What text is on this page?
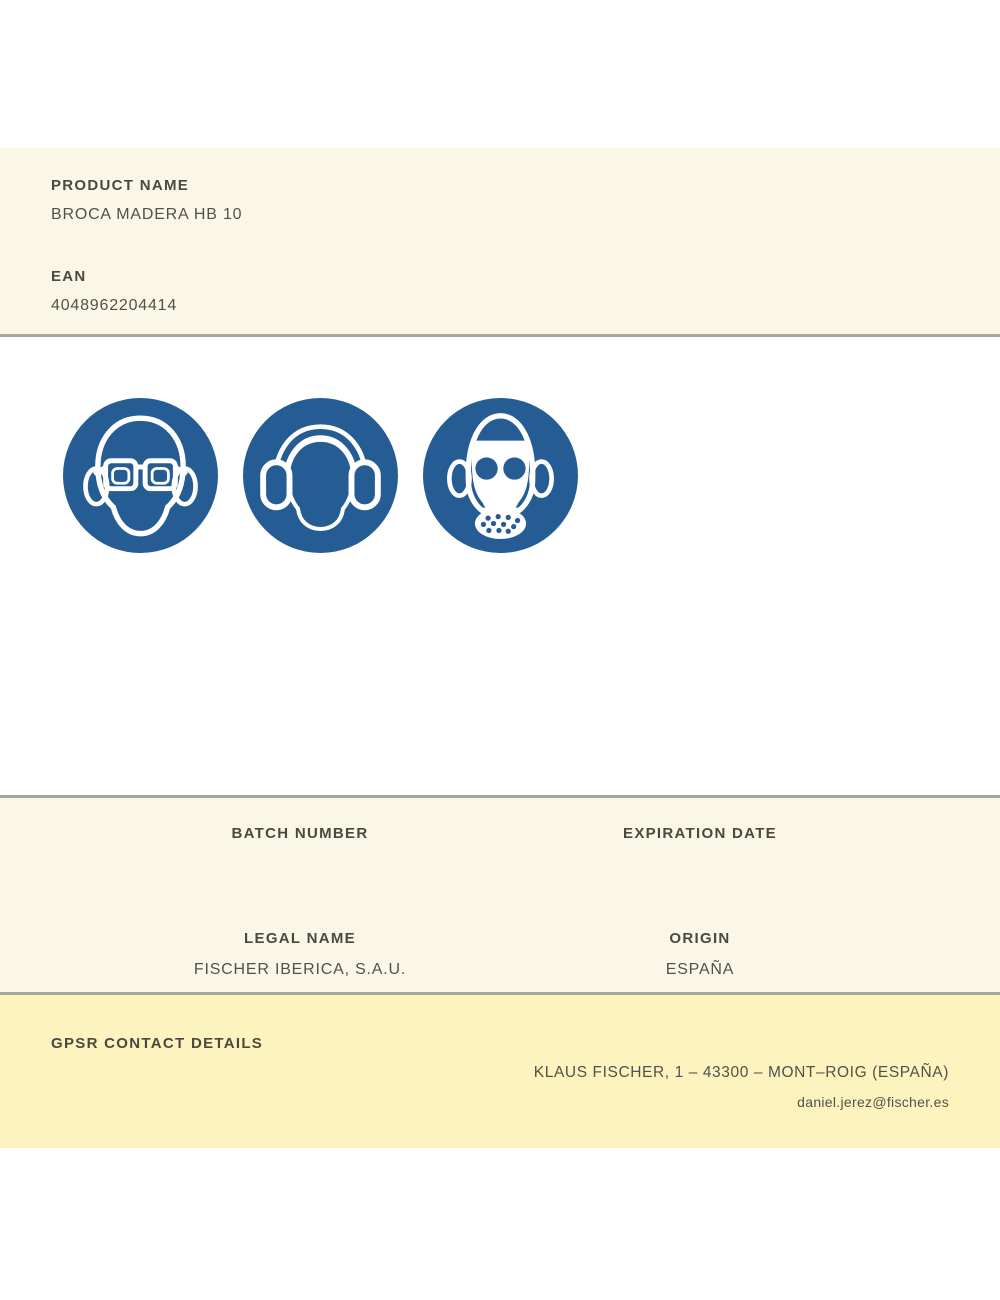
PRODUCT NAME
BROCA MADERA HB 10
EAN
4048962204414
BATCH NUMBER	EXPIRATION DATE
LEGAL NAME
FISCHER IBERICA, S.A.U.
ORIGIN
ESPAÑA
GPSR CONTACT DETAILS
KLAUS FISCHER, 1 – 43300 – MONT–ROIG (ESPAÑA)
daniel.jerez@fischer.es
